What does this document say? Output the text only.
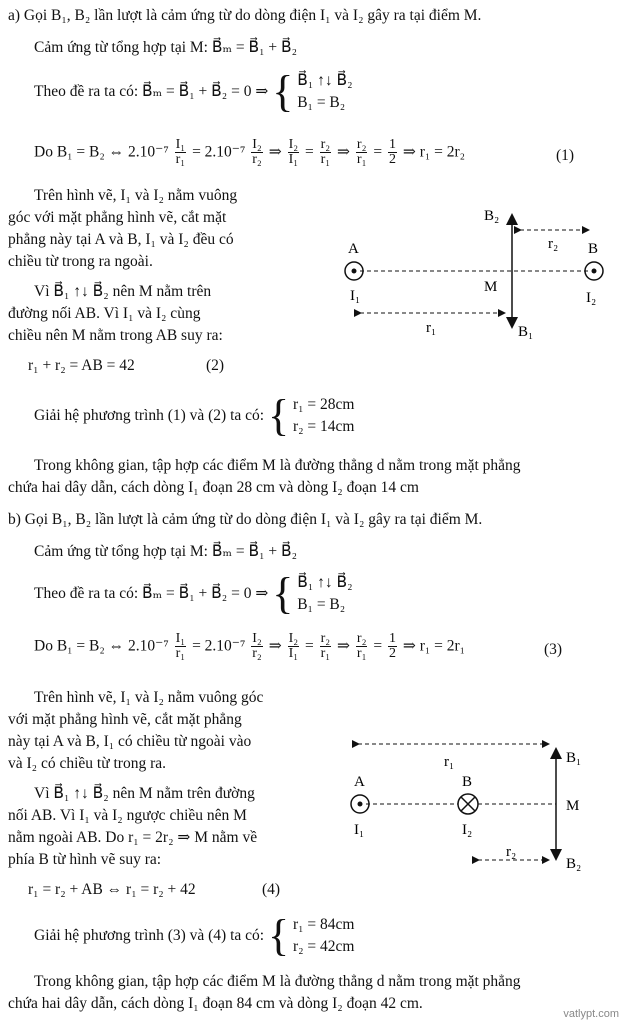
a) Gọi B₁, B₂ lần lượt là cảm ứng từ do dòng điện I₁ và I₂ gây ra tại điểm M.
Cảm ứng từ tổng hợp tại M: B⃗ₘ = B⃗₁ + B⃗₂
Theo đề ra ta có: B⃗ₘ = B⃗₁ + B⃗₂ = 0 ⇒ { B⃗₁ ↑↓ B⃗₂
B₁ = B₂
Do B₁ = B₂ ⇔ $2.10^{-7} \frac{\text{I₁}}{\text{r₁}} = 2.10^{-7} \frac{\text{I₂}}{\text{r₂}}$ ⇒ $\frac{\text{I₂}}{\text{I₁}} = \frac{\text{r₂}}{\text{r₁}}$ ⇒ $\frac{\text{r₂}}{\text{r₁}} = \frac{1}{2}$ ⇒ r₁ = 2r₂	(1)
Trên hình vẽ, I₁ và I₂ nằm vuông
góc với mặt phẳng hình vẽ, cắt mặt
phẳng này tại A và B, I₁ và I₂ đều có
chiều từ trong ra ngoài.
Vì B⃗₁ ↑↓ B⃗₂ nên M nằm trên
đường nối AB. Vì I₁ và I₂ cùng
chiều nên M nằm trong AB suy ra:
r₁ + r₂ = AB = 42	(2)
Giải hệ phương trình (1) và (2) ta có: { r₁ = 28cm
r₂ = 14cm
Trong không gian, tập hợp các điểm M là đường thẳng d nằm trong mặt phẳng
chứa hai dây dẫn, cách dòng I₁ đoạn 28 cm và dòng I₂ đoạn 14 cm
A	B
M
I₁	I₂
r₂
r₁
B₂
B₁
b) Gọi B₁, B₂ lần lượt là cảm ứng từ do dòng điện I₁ và I₂ gây ra tại điểm M.
Cảm ứng từ tổng hợp tại M: B⃗ₘ = B⃗₁ + B⃗₂
Theo đề ra ta có: B⃗ₘ = B⃗₁ + B⃗₂ = 0 ⇒ { B⃗₁ ↑↓ B⃗₂
B₁ = B₂
Do B₁ = B₂ ⇔ $2.10^{-7} \frac{\text{I₁}}{\text{r₁}} = 2.10^{-7} \frac{\text{I₂}}{\text{r₂}}$ ⇒ $\frac{\text{I₂}}{\text{I₁}} = \frac{\text{r₂}}{\text{r₁}}$ ⇒ $\frac{\text{r₂}}{\text{r₁}} = \frac{1}{2}$ ⇒ r₁ = 2r₁	(3)
Trên hình vẽ, I₁ và I₂ nằm vuông góc
với mặt phẳng hình vẽ, cắt mặt phẳng
này tại A và B, I₁ có chiều từ ngoài vào
và I₂ có chiều từ trong ra.
Vì B⃗₁ ↑↓ B⃗₂ nên M nằm trên đường
nối AB. Vì I₁ và I₂ ngược chiều nên M
nằm ngoài AB. Do r₁ = 2r₂ ⇒ M nằm về
phía B từ hình vẽ suy ra:
r₁ = r₂ + AB ⇔ r₁ = r₂ + 42	(4)
Giải hệ phương trình (3) và (4) ta có: { r₁ = 84cm
r₂ = 42cm
Trong không gian, tập hợp các điểm M là đường thẳng d nằm trong mặt phẳng
chứa hai dây dẫn, cách dòng I₁ đoạn 84 cm và dòng I₂ đoạn 42 cm.
A	B
M
I₁	I₂
r₁
r₂
B₁
B₂
vatlypt.com
